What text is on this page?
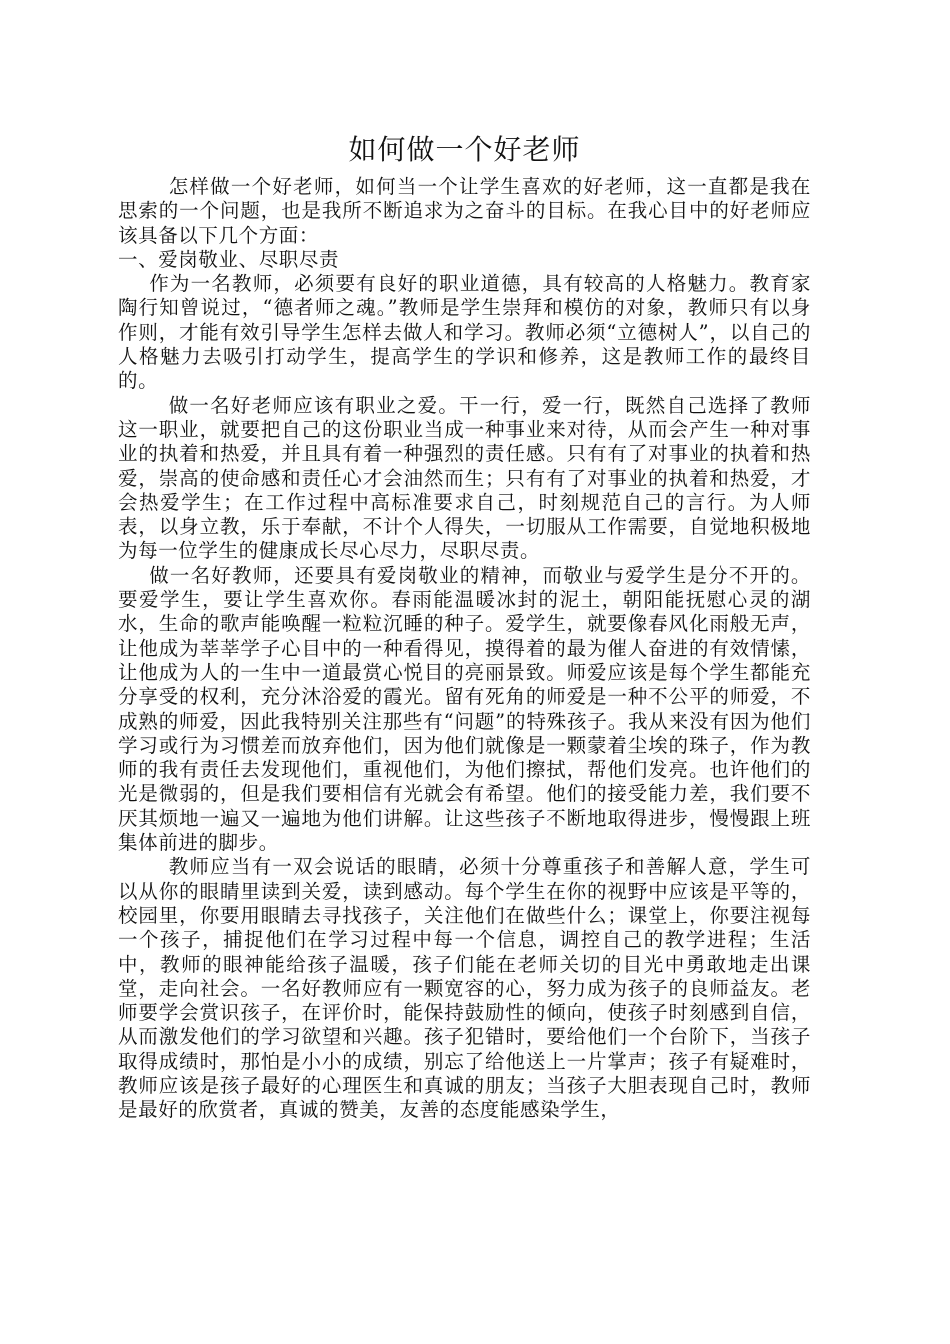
如何做一个好老师

怎样做一个好老师，如何当一个让学生喜欢的好老师，这一直都是我在思索的一个问题，也是我所不断追求为之奋斗的目标。在我心目中的好老师应该具备以下几个方面：

一、爱岗敬业、尽职尽责

作为一名教师，必须要有良好的职业道德，具有较高的人格魅力。教育家陶行知曾说过，“德者师之魂。”教师是学生崇拜和模仿的对象，教师只有以身作则，才能有效引导学生怎样去做人和学习。教师必须“立德树人”，以自己的人格魅力去吸引打动学生，提高学生的学识和修养，这是教师工作的最终目的。

做一名好老师应该有职业之爱。干一行，爱一行，既然自己选择了教师这一职业，就要把自己的这份职业当成一种事业来对待，从而会产生一种对事业的执着和热爱，并且具有着一种强烈的责任感。只有有了对事业的执着和热爱，崇高的使命感和责任心才会油然而生；只有有了对事业的执着和热爱，才会热爱学生；在工作过程中高标准要求自己，时刻规范自己的言行。为人师表，以身立教，乐于奉献，不计个人得失，一切服从工作需要，自觉地积极地为每一位学生的健康成长尽心尽力，尽职尽责。

做一名好教师，还要具有爱岗敬业的精神，而敬业与爱学生是分不开的。要爱学生，要让学生喜欢你。春雨能温暖冰封的泥土，朝阳能抚慰心灵的湖水，生命的歌声能唤醒一粒粒沉睡的种子。爱学生，就要像春风化雨般无声，让他成为莘莘学子心目中的一种看得见，摸得着的最为催人奋进的有效情愫，让他成为人的一生中一道最赏心悦目的亮丽景致。师爱应该是每个学生都能充分享受的权利，充分沐浴爱的霞光。留有死角的师爱是一种不公平的师爱，不成熟的师爱，因此我特别关注那些有“问题”的特殊孩子。我从来没有因为他们学习或行为习惯差而放弃他们，因为他们就像是一颗蒙着尘埃的珠子，作为教师的我有责任去发现他们，重视他们，为他们擦拭，帮他们发亮。也许他们的光是微弱的，但是我们要相信有光就会有希望。他们的接受能力差，我们要不厌其烦地一遍又一遍地为他们讲解。让这些孩子不断地取得进步，慢慢跟上班集体前进的脚步。

教师应当有一双会说话的眼睛，必须十分尊重孩子和善解人意，学生可以从你的眼睛里读到关爱，读到感动。每个学生在你的视野中应该是平等的，校园里，你要用眼睛去寻找孩子，关注他们在做些什么；课堂上，你要注视每一个孩子，捕捉他们在学习过程中每一个信息，调控自己的教学进程；生活中，教师的眼神能给孩子温暖，孩子们能在老师关切的目光中勇敢地走出课堂，走向社会。一名好教师应有一颗宽容的心，努力成为孩子的良师益友。老师要学会赏识孩子，在评价时，能保持鼓励性的倾向，使孩子时刻感到自信，从而激发他们的学习欲望和兴趣。孩子犯错时，要给他们一个台阶下，当孩子取得成绩时，那怕是小小的成绩，别忘了给他送上一片掌声；孩子有疑难时，教师应该是孩子最好的心理医生和真诚的朋友；当孩子大胆表现自己时，教师是最好的欣赏者，真诚的赞美，友善的态度能感染学生，
